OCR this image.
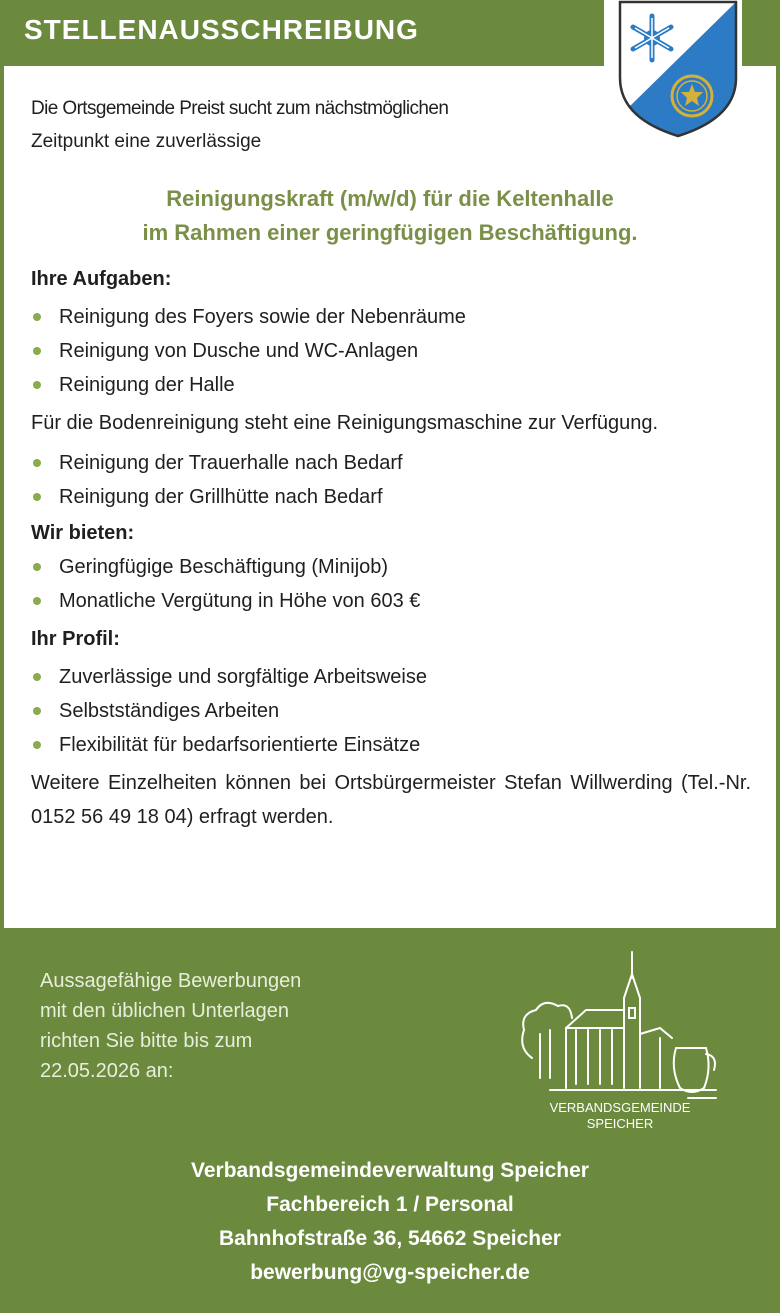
STELLENAUSSCHREIBUNG
Die Ortsgemeinde Preist sucht zum nächstmöglichen
Zeitpunkt eine zuverlässige
Reinigungskraft (m/w/d) für die Keltenhalle
im Rahmen einer geringfügigen Beschäftigung.

Ihre Aufgaben:

Reinigung des Foyers sowie der Nebenräume
Reinigung von Dusche und WC-Anlagen
Reinigung der Halle

Für die Bodenreinigung steht eine Reinigungsmaschine zur Verfügung.

Reinigung der Trauerhalle nach Bedarf
Reinigung der Grillhütte nach Bedarf

Wir bieten:

Geringfügige Beschäftigung (Minijob)
Monatliche Vergütung in Höhe von 603 €

Ihr Profil:

Zuverlässige und sorgfältige Arbeitsweise
Selbstständiges Arbeiten
Flexibilität für bedarfsorientierte Einsätze

Weitere Einzelheiten können bei Ortsbürgermeister Stefan Willwerding (Tel.-Nr. 0152 56 49 18 04) erfragt werden.

Aussagefähige Bewerbungen
mit den üblichen Unterlagen
richten Sie bitte bis zum
22.05.2026 an:
VERBANDSGEMEINDE
SPEICHER
Verbandsgemeindeverwaltung Speicher
Fachbereich 1 / Personal
Bahnhofstraße 36, 54662 Speicher
bewerbung@vg-speicher.de
